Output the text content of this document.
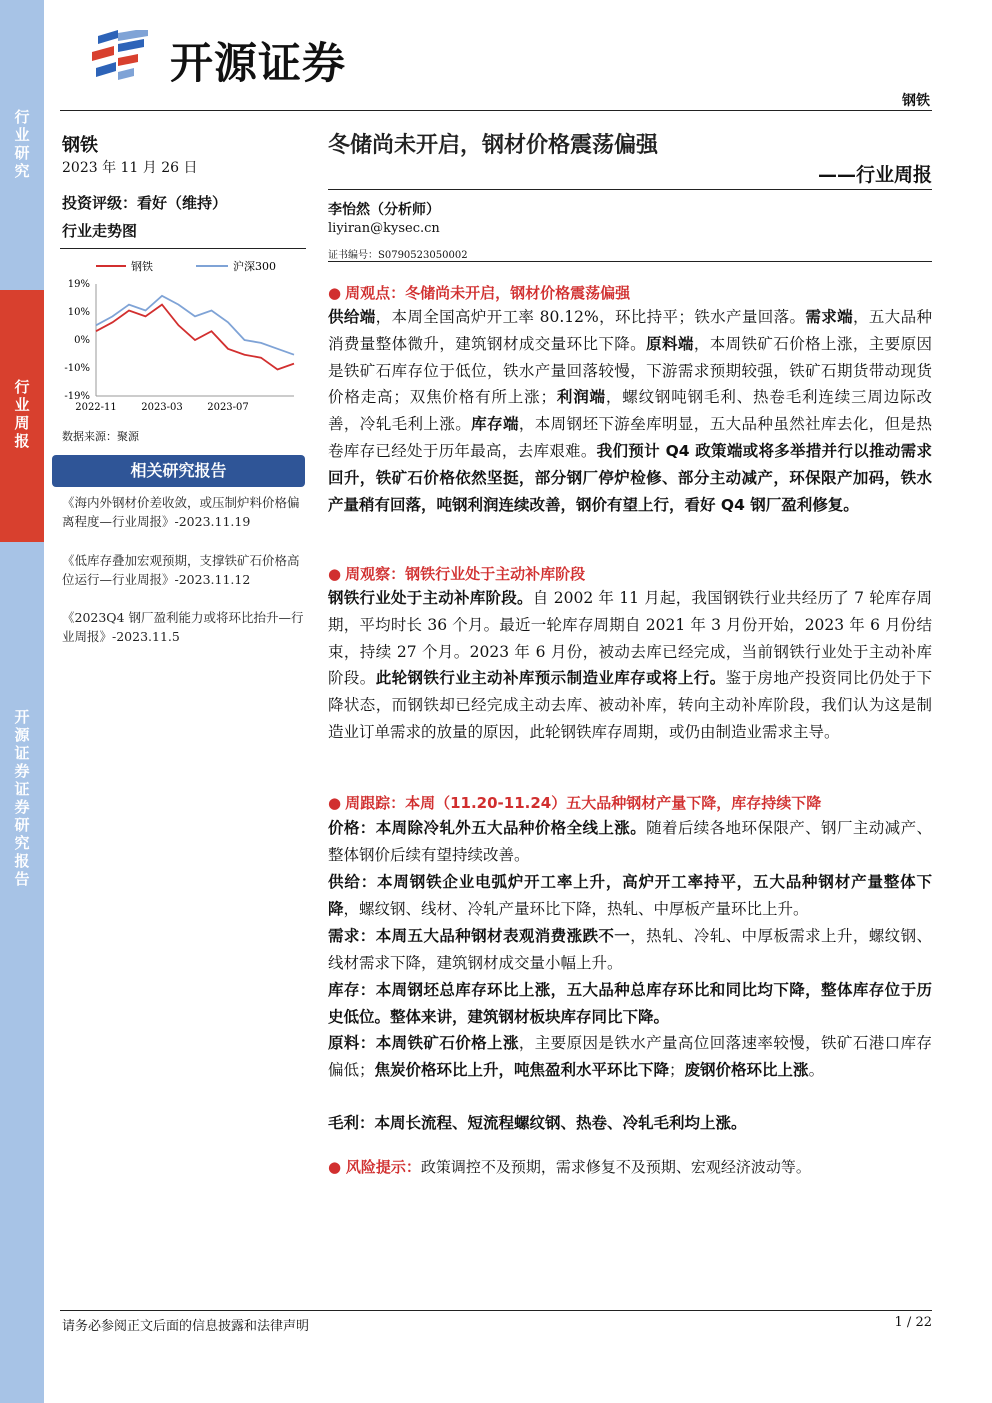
行业研究
行业周报
开源证券 证券研究报告
开源证券
钢铁
钢铁
2023 年 11 月 26 日
投资评级：看好（维持）
行业走势图
钢铁	沪深300
19%
10%
0%
-10%
-19%
2022-11 2023-03 2023-07
数据来源：聚源
相关研究报告
《海内外钢材价差收敛，或压制炉料价格偏离程度—行业周报》-2023.11.19
《低库存叠加宏观预期，支撑铁矿石价格高位运行—行业周报》-2023.11.12
《2023Q4 钢厂盈利能力或将环比抬升—行业周报》-2023.11.5
冬储尚未开启，钢材价格震荡偏强
——行业周报
李怡然（分析师）
liyiran@kysec.cn
证书编号：S0790523050002
● 周观点：冬储尚未开启，钢材价格震荡偏强
供给端，本周全国高炉开工率 80.12%，环比持平；铁水产量回落。需求端，五大品种消费量整体微升，建筑钢材成交量环比下降。原料端，本周铁矿石价格上涨，主要原因是铁矿石库存位于低位，铁水产量回落较慢，下游需求预期较强，铁矿石期货带动现货价格走高；双焦价格有所上涨；利润端，螺纹钢吨钢毛利、热卷毛利连续三周边际改善，冷轧毛利上涨。库存端，本周钢坯下游垒库明显，五大品种虽然社库去化，但是热卷库存已经处于历年最高，去库艰难。我们预计 Q4 政策端或将多举措并行以推动需求回升，铁矿石价格依然坚挺，部分钢厂停炉检修、部分主动减产，环保限产加码，铁水产量稍有回落，吨钢利润连续改善，钢价有望上行，看好 Q4 钢厂盈利修复。
● 周观察：钢铁行业处于主动补库阶段
钢铁行业处于主动补库阶段。自 2002 年 11 月起，我国钢铁行业共经历了 7 轮库存周期，平均时长 36 个月。最近一轮库存周期自 2021 年 3 月份开始，2023 年 6 月份结束，持续 27 个月。2023 年 6 月份，被动去库已经完成，当前钢铁行业处于主动补库阶段。此轮钢铁行业主动补库预示制造业库存或将上行。鉴于房地产投资同比仍处于下降状态，而钢铁却已经完成主动去库、被动补库，转向主动补库阶段，我们认为这是制造业订单需求的放量的原因，此轮钢铁库存周期，或仍由制造业需求主导。
● 周跟踪：本周（11.20-11.24）五大品种钢材产量下降，库存持续下降
价格：本周除冷轧外五大品种价格全线上涨。随着后续各地环保限产、钢厂主动减产、整体钢价后续有望持续改善。
供给：本周钢铁企业电弧炉开工率上升，高炉开工率持平，五大品种钢材产量整体下降，螺纹钢、线材、冷轧产量环比下降，热轧、中厚板产量环比上升。
需求：本周五大品种钢材表观消费涨跌不一，热轧、冷轧、中厚板需求上升，螺纹钢、线材需求下降，建筑钢材成交量小幅上升。
库存：本周钢坯总库存环比上涨，五大品种总库存环比和同比均下降，整体库存位于历史低位。整体来讲，建筑钢材板块库存同比下降。
原料：本周铁矿石价格上涨，主要原因是铁水产量高位回落速率较慢，铁矿石港口库存偏低；焦炭价格环比上升，吨焦盈利水平环比下降；废钢价格环比上涨。
毛利：本周长流程、短流程螺纹钢、热卷、冷轧毛利均上涨。
● 风险提示：政策调控不及预期，需求修复不及预期、宏观经济波动等。
请务必参阅正文后面的信息披露和法律声明	1 / 22
